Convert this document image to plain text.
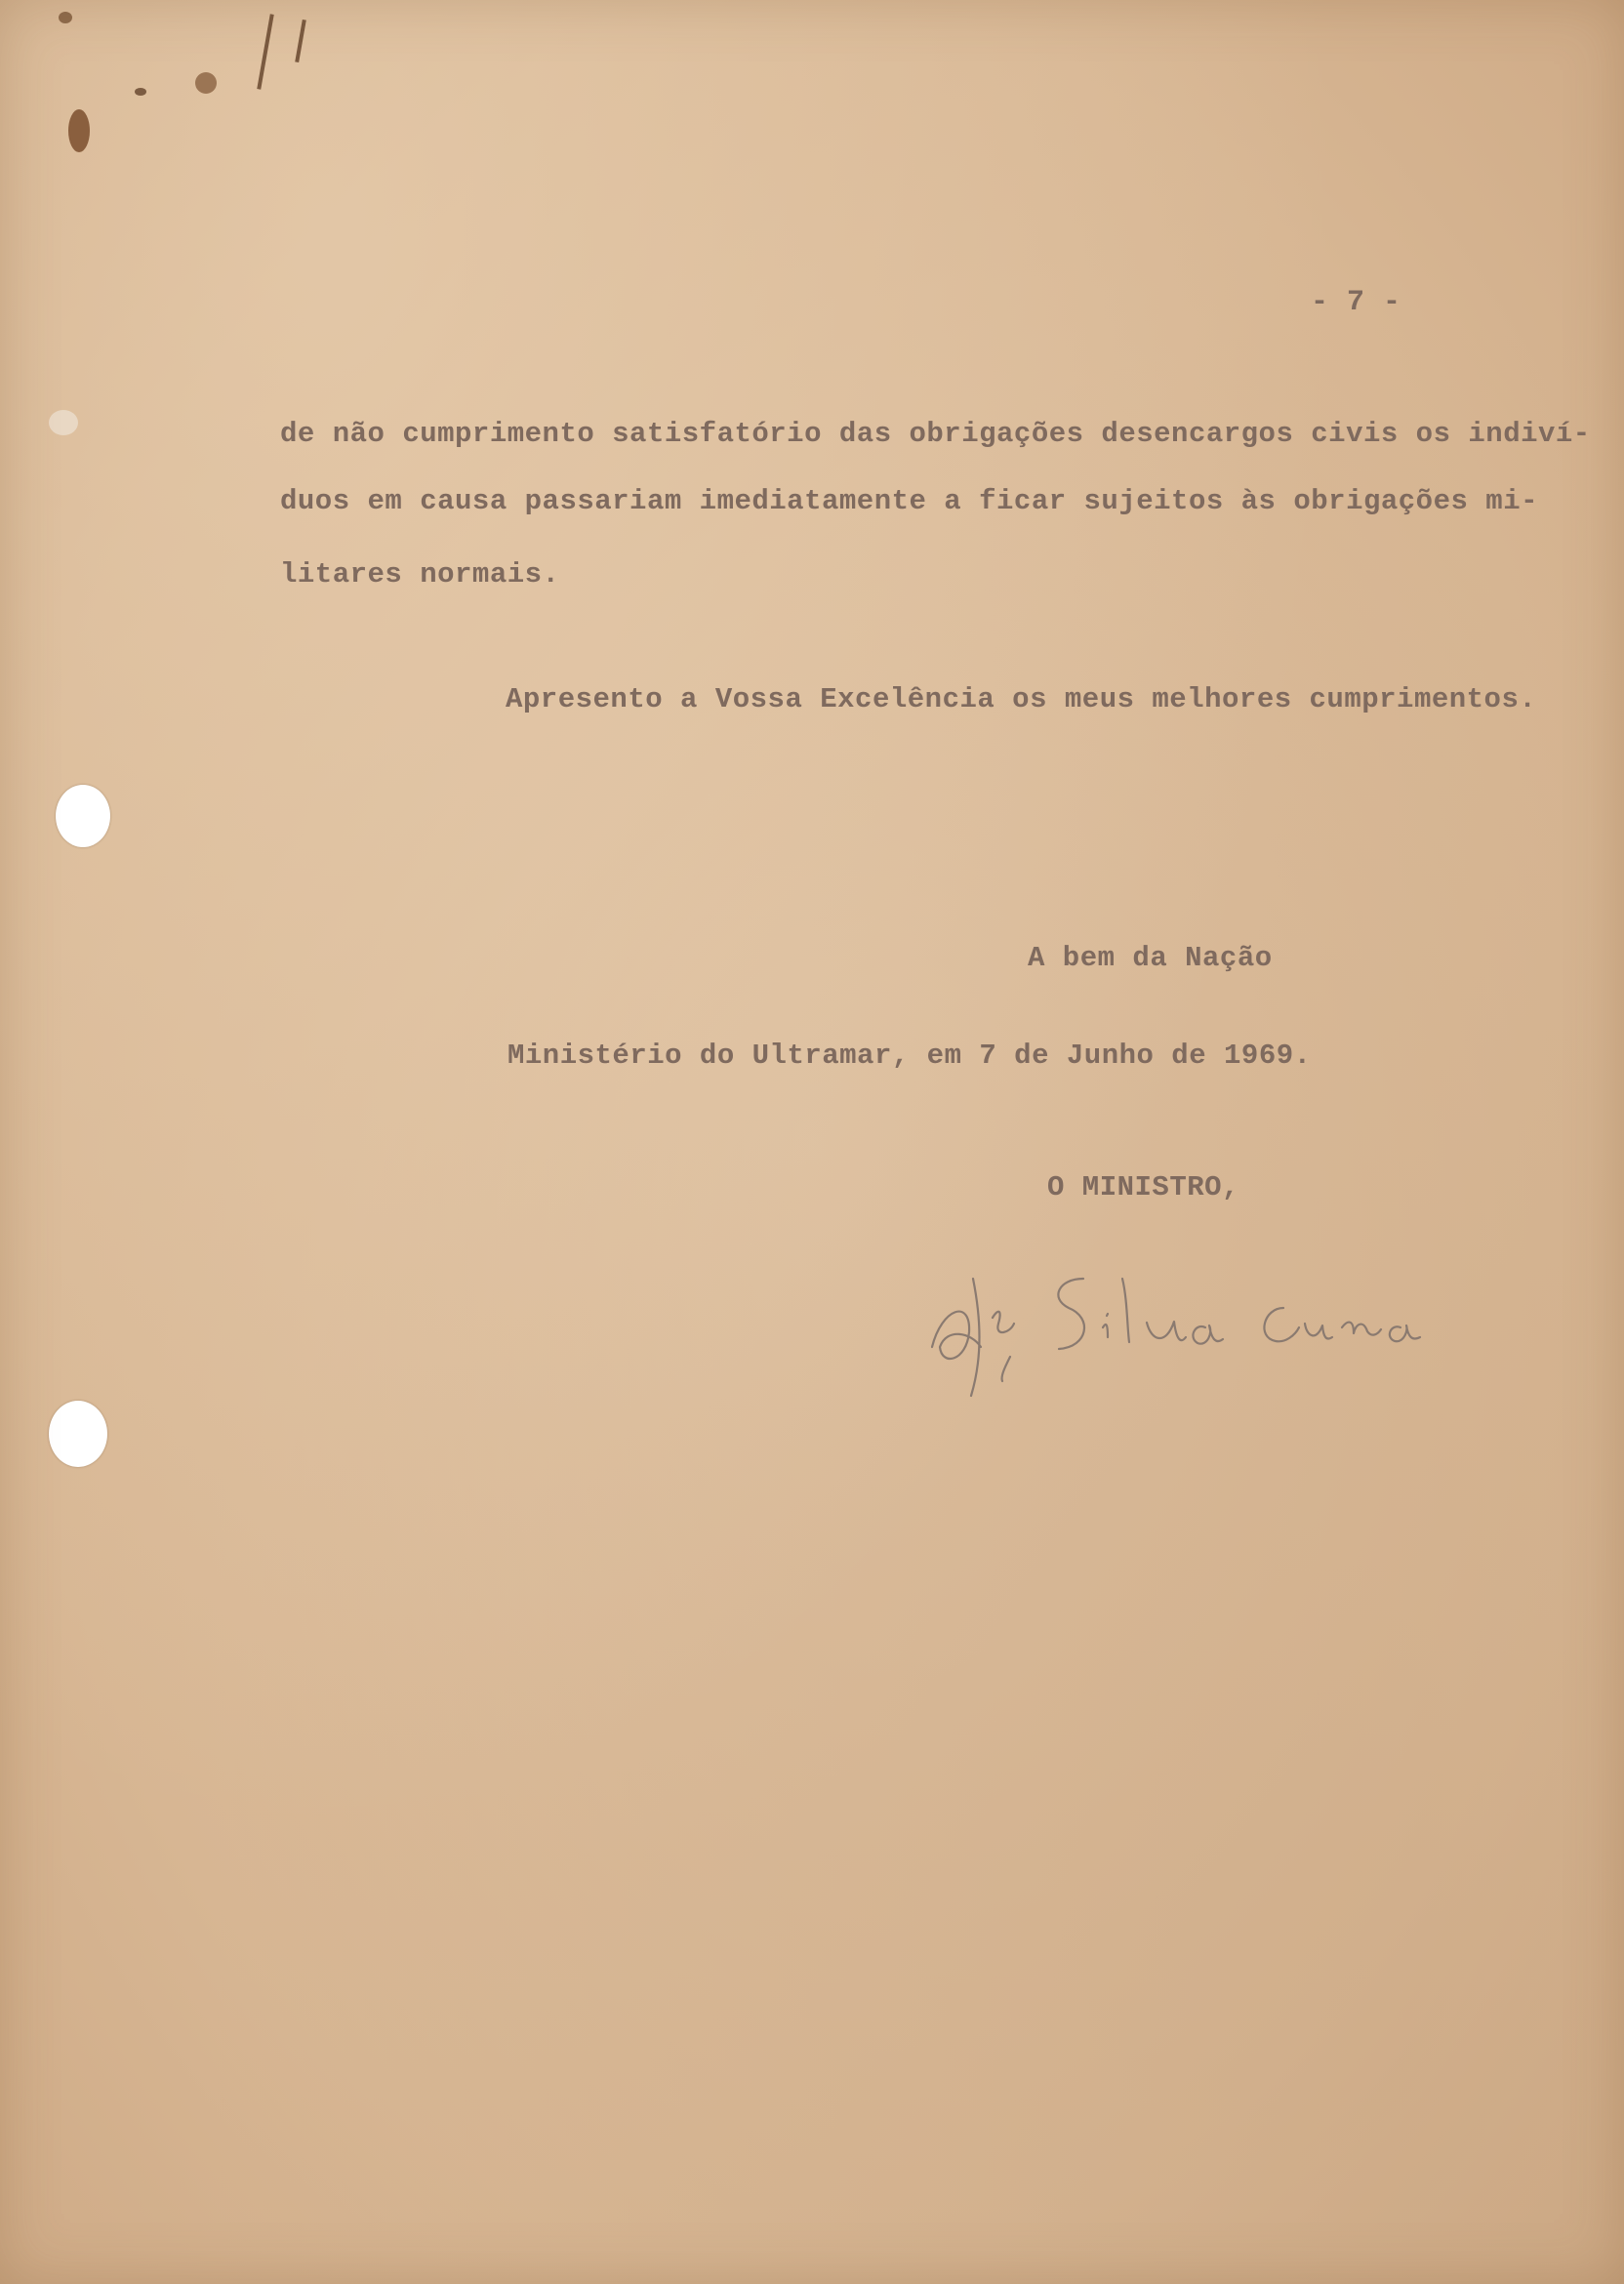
- 7 -
de não cumprimento satisfatório das obrigações desencargos civis os indiví-
duos em causa passariam imediatamente a ficar sujeitos às obrigações mi-
litares normais.
Apresento a Vossa Excelência os meus melhores cumprimentos.
A bem da Nação
Ministério do Ultramar, em 7 de Junho de 1969.
O MINISTRO,
